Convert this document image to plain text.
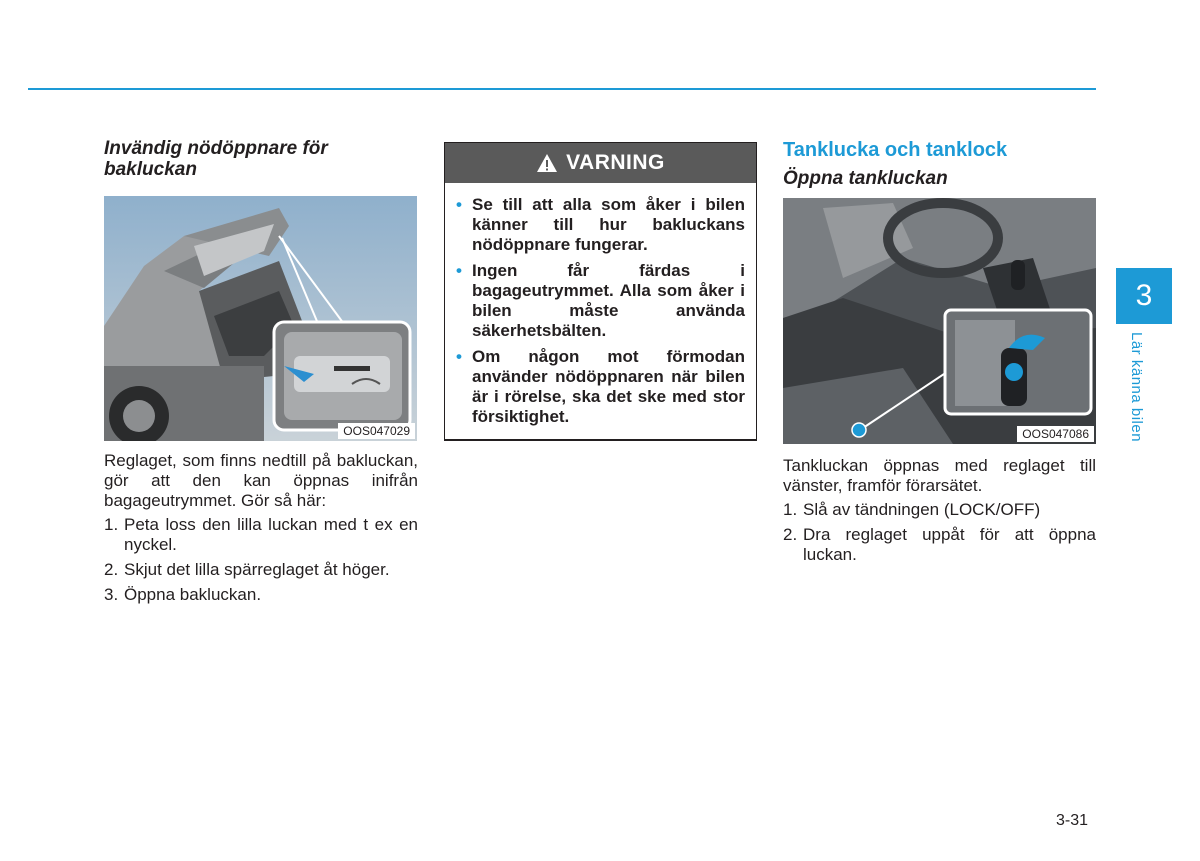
Invändig nödöppnare för bakluckan
OOS047029

Reglaget, som finns nedtill på bakluckan, gör att den kan öppnas inifrån bagageutrymmet. Gör så här:

1. Peta loss den lilla luckan med t ex en nyckel.
2. Skjut det lilla spärreglaget åt höger.
3. Öppna bakluckan.
VARNING
• Se till att alla som åker i bilen känner till hur bakluckans nödöppnare fungerar.
• Ingen får färdas i bagageutrymmet. Alla som åker i bilen måste använda säkerhetsbälten.
• Om någon mot förmodan använder nödöppnaren när bilen är i rörelse, ska det ske med stor försiktighet.
Tanklucka och tanklock
Öppna tankluckan
OOS047086

Tankluckan öppnas med reglaget till vänster, framför förarsätet.

1. Slå av tändningen (LOCK/OFF)
2. Dra reglaget uppåt för att öppna luckan.
3
Lär känna bilen
3-31
